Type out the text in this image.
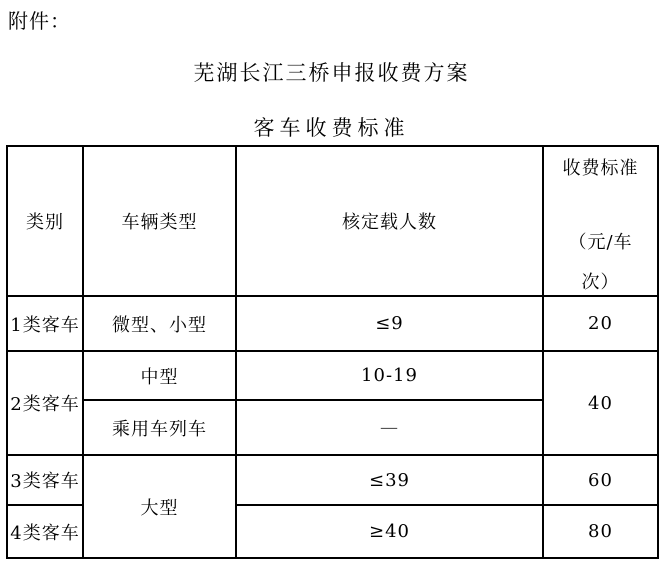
附件：
芜湖长江三桥申报收费方案
客车收费标准
类别	车辆类型	核定载人数	收费标准
（元/车
次）

1类客车	微型、小型	≤9	20
2类客车	中型	10-19	40
	乘用车列车	—	
3类客车	大型	≤39	60
4类客车		≥40	80
